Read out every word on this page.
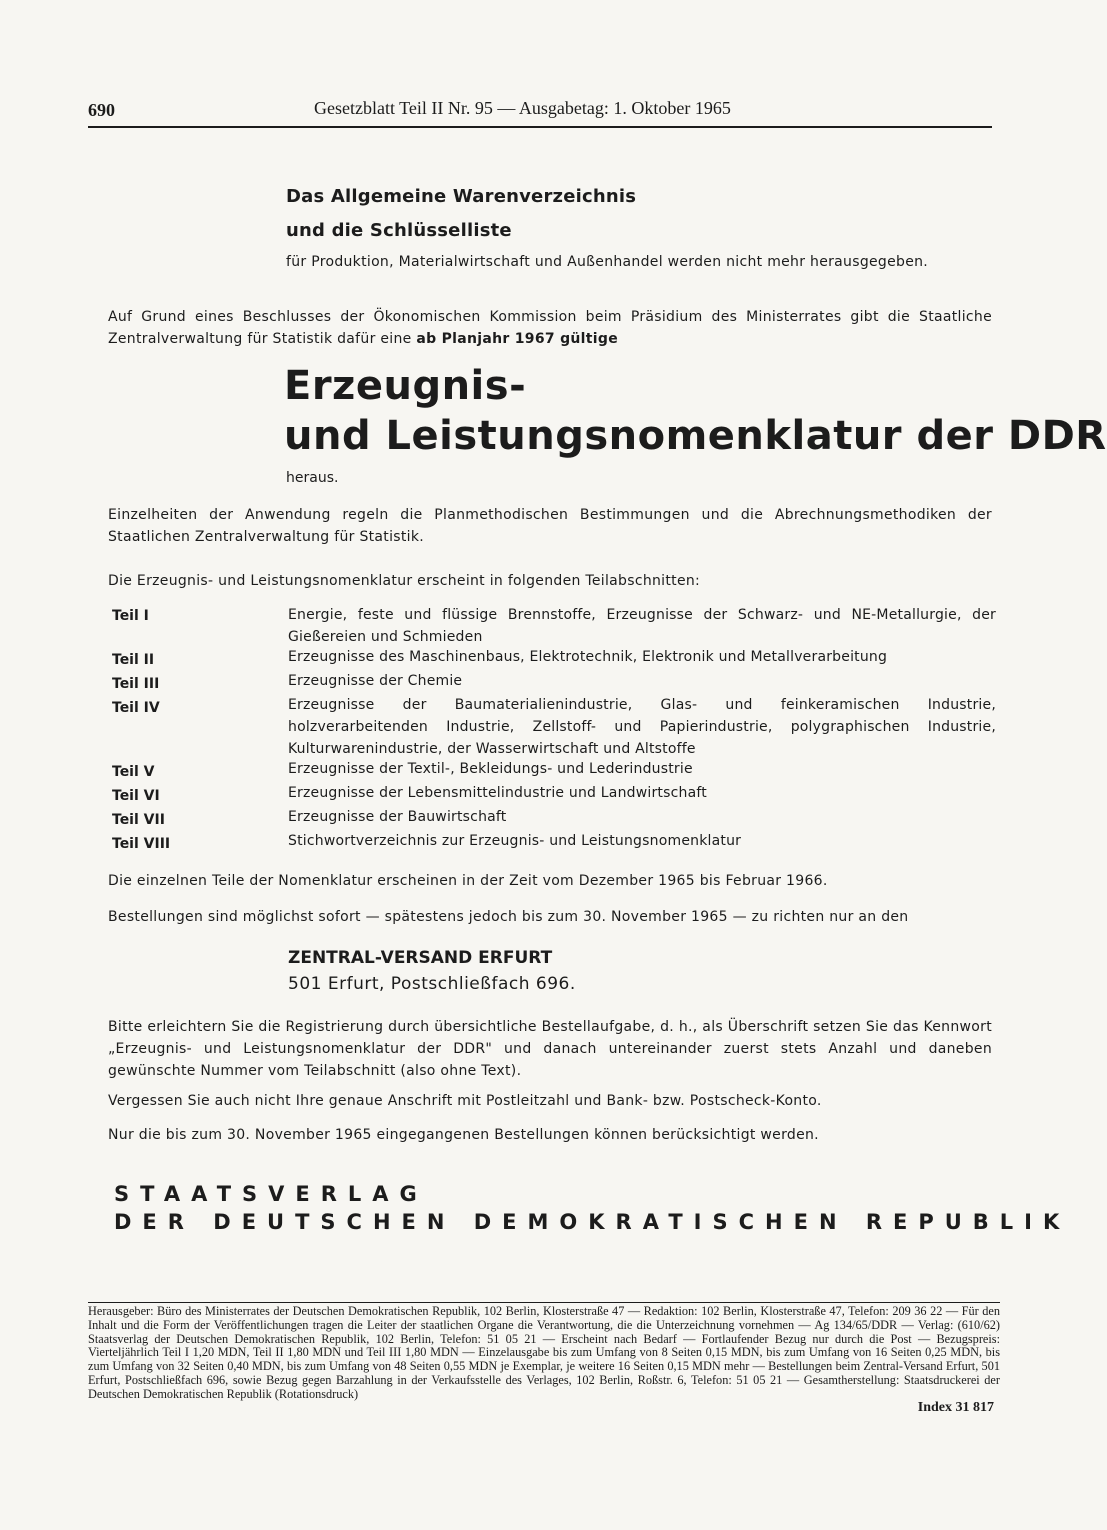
690	Gesetzblatt Teil II Nr. 95 — Ausgabetag: 1. Oktober 1965
Das Allgemeine Warenverzeichnis
und die Schlüsselliste
für Produktion, Materialwirtschaft und Außenhandel werden nicht mehr herausgegeben.
Auf Grund eines Beschlusses der Ökonomischen Kommission beim Präsidium des Ministerrates gibt die Staatliche Zentralverwaltung für Statistik dafür eine ab Planjahr 1967 gültige
Erzeugnis-
und Leistungsnomenklatur der DDR
heraus.
Einzelheiten der Anwendung regeln die Planmethodischen Bestimmungen und die Abrechnungsmethodiken der Staatlichen Zentralverwaltung für Statistik.
Die Erzeugnis- und Leistungsnomenklatur erscheint in folgenden Teilabschnitten:
Teil I	Energie, feste und flüssige Brennstoffe, Erzeugnisse der Schwarz- und NE-Metallurgie, der Gießereien und Schmieden
Teil II	Erzeugnisse des Maschinenbaus, Elektrotechnik, Elektronik und Metallverarbeitung
Teil III	Erzeugnisse der Chemie
Teil IV	Erzeugnisse der Baumaterialienindustrie, Glas- und feinkeramischen Industrie, holzverarbeitenden Industrie, Zellstoff- und Papierindustrie, polygraphischen Industrie, Kulturwarenindustrie, der Wasserwirtschaft und Altstoffe
Teil V	Erzeugnisse der Textil-, Bekleidungs- und Lederindustrie
Teil VI	Erzeugnisse der Lebensmittelindustrie und Landwirtschaft
Teil VII	Erzeugnisse der Bauwirtschaft
Teil VIII	Stichwortverzeichnis zur Erzeugnis- und Leistungsnomenklatur
Die einzelnen Teile der Nomenklatur erscheinen in der Zeit vom Dezember 1965 bis Februar 1966.
Bestellungen sind möglichst sofort — spätestens jedoch bis zum 30. November 1965 — zu richten nur an den
ZENTRAL-VERSAND ERFURT
501 Erfurt, Postschließfach 696.
Bitte erleichtern Sie die Registrierung durch übersichtliche Bestellaufgabe, d. h., als Überschrift setzen Sie das Kennwort „Erzeugnis- und Leistungsnomenklatur der DDR" und danach untereinander zuerst stets Anzahl und daneben gewünschte Nummer vom Teilabschnitt (also ohne Text).
Vergessen Sie auch nicht Ihre genaue Anschrift mit Postleitzahl und Bank- bzw. Postscheck-Konto.
Nur die bis zum 30. November 1965 eingegangenen Bestellungen können berücksichtigt werden.
STAATSVERLAG
DER DEUTSCHEN DEMOKRATISCHEN REPUBLIK
Herausgeber: Büro des Ministerrates der Deutschen Demokratischen Republik, 102 Berlin, Klosterstraße 47 — Redaktion: 102 Berlin, Klosterstraße 47, Telefon: 209 36 22 — Für den Inhalt und die Form der Veröffentlichungen tragen die Leiter der staatlichen Organe die Verantwortung, die die Unterzeichnung vornehmen — Ag 134/65/DDR — Verlag: (610/62) Staatsverlag der Deutschen Demokratischen Republik, 102 Berlin, Telefon: 51 05 21 — Erscheint nach Bedarf — Fortlaufender Bezug nur durch die Post — Bezugspreis: Vierteljährlich Teil I 1,20 MDN, Teil II 1,80 MDN und Teil III 1,80 MDN — Einzelausgabe bis zum Umfang von 8 Seiten 0,15 MDN, bis zum Umfang von 16 Seiten 0,25 MDN, bis zum Umfang von 32 Seiten 0,40 MDN, bis zum Umfang von 48 Seiten 0,55 MDN je Exemplar, je weitere 16 Seiten 0,15 MDN mehr — Bestellungen beim Zentral-Versand Erfurt, 501 Erfurt, Postschließfach 696, sowie Bezug gegen Barzahlung in der Verkaufsstelle des Verlages, 102 Berlin, Roßstr. 6, Telefon: 51 05 21 — Gesamtherstellung: Staatsdruckerei der Deutschen Demokratischen Republik (Rotationsdruck)
Index 31 817
